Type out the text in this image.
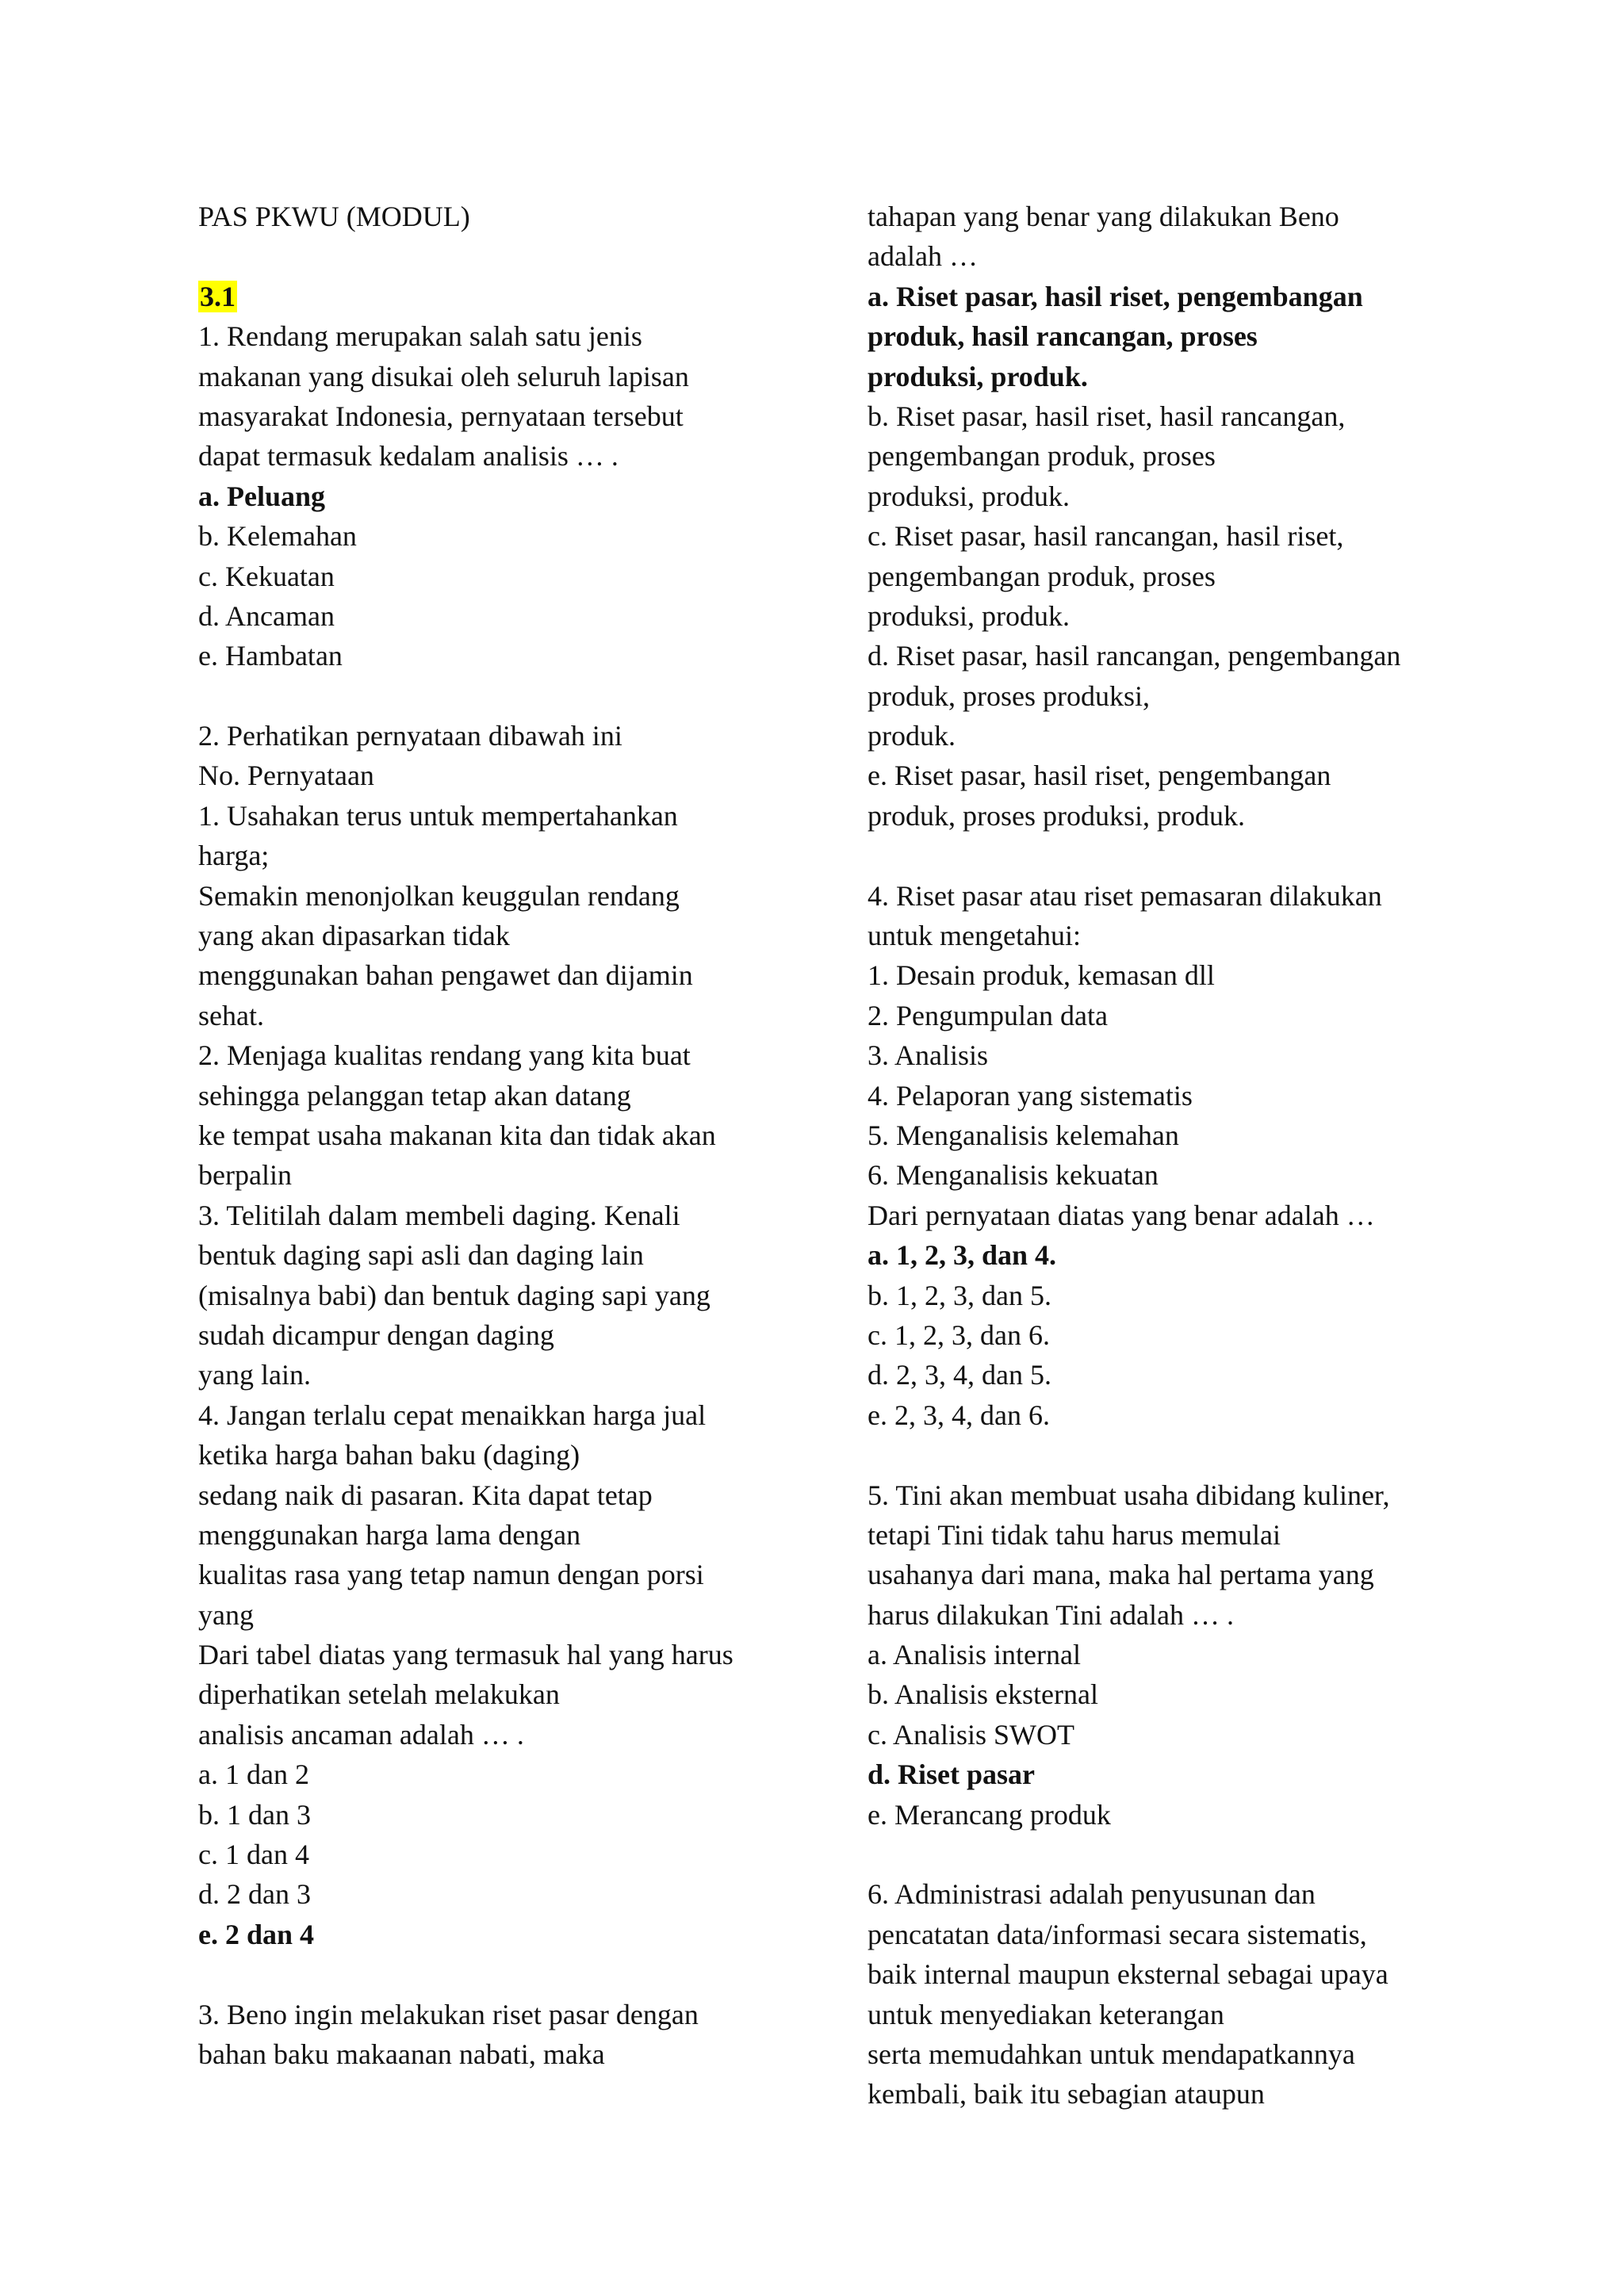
PAS PKWU (MODUL)
3.1
1. Rendang merupakan salah satu jenis
makanan yang disukai oleh seluruh lapisan
masyarakat Indonesia, pernyataan tersebut
dapat termasuk kedalam analisis … .
a. Peluang
b. Kelemahan
c. Kekuatan
d. Ancaman
e. Hambatan
2. Perhatikan pernyataan dibawah ini
No. Pernyataan
1. Usahakan terus untuk mempertahankan
harga;
Semakin menonjolkan keuggulan rendang
yang akan dipasarkan tidak
menggunakan bahan pengawet dan dijamin
sehat.
2. Menjaga kualitas rendang yang kita buat
sehingga pelanggan tetap akan datang
ke tempat usaha makanan kita dan tidak akan
berpalin
3. Telitilah dalam membeli daging. Kenali
bentuk daging sapi asli dan daging lain
(misalnya babi) dan bentuk daging sapi yang
sudah dicampur dengan daging
yang lain.
4. Jangan terlalu cepat menaikkan harga jual
ketika harga bahan baku (daging)
sedang naik di pasaran. Kita dapat tetap
menggunakan harga lama dengan
kualitas rasa yang tetap namun dengan porsi
yang
Dari tabel diatas yang termasuk hal yang harus
diperhatikan setelah melakukan
analisis ancaman adalah … .
a. 1 dan 2
b. 1 dan 3
c. 1 dan 4
d. 2 dan 3
e. 2 dan 4
3. Beno ingin melakukan riset pasar dengan
bahan baku makaanan nabati, maka
tahapan yang benar yang dilakukan Beno
adalah …
a. Riset pasar, hasil riset, pengembangan
produk, hasil rancangan, proses
produksi, produk.
b. Riset pasar, hasil riset, hasil rancangan,
pengembangan produk, proses
produksi, produk.
c. Riset pasar, hasil rancangan, hasil riset,
pengembangan produk, proses
produksi, produk.
d. Riset pasar, hasil rancangan, pengembangan
produk, proses produksi,
produk.
e. Riset pasar, hasil riset, pengembangan
produk, proses produksi, produk.
4. Riset pasar atau riset pemasaran dilakukan
untuk mengetahui:
1. Desain produk, kemasan dll
2. Pengumpulan data
3. Analisis
4. Pelaporan yang sistematis
5. Menganalisis kelemahan
6. Menganalisis kekuatan
Dari pernyataan diatas yang benar adalah …
a. 1, 2, 3, dan 4.
b. 1, 2, 3, dan 5.
c. 1, 2, 3, dan 6.
d. 2, 3, 4, dan 5.
e. 2, 3, 4, dan 6.
5. Tini akan membuat usaha dibidang kuliner,
tetapi Tini tidak tahu harus memulai
usahanya dari mana, maka hal pertama yang
harus dilakukan Tini adalah … .
a. Analisis internal
b. Analisis eksternal
c. Analisis SWOT
d. Riset pasar
e. Merancang produk
6. Administrasi adalah penyusunan dan
pencatatan data/informasi secara sistematis,
baik internal maupun eksternal sebagai upaya
untuk menyediakan keterangan
serta memudahkan untuk mendapatkannya
kembali, baik itu sebagian ataupun
